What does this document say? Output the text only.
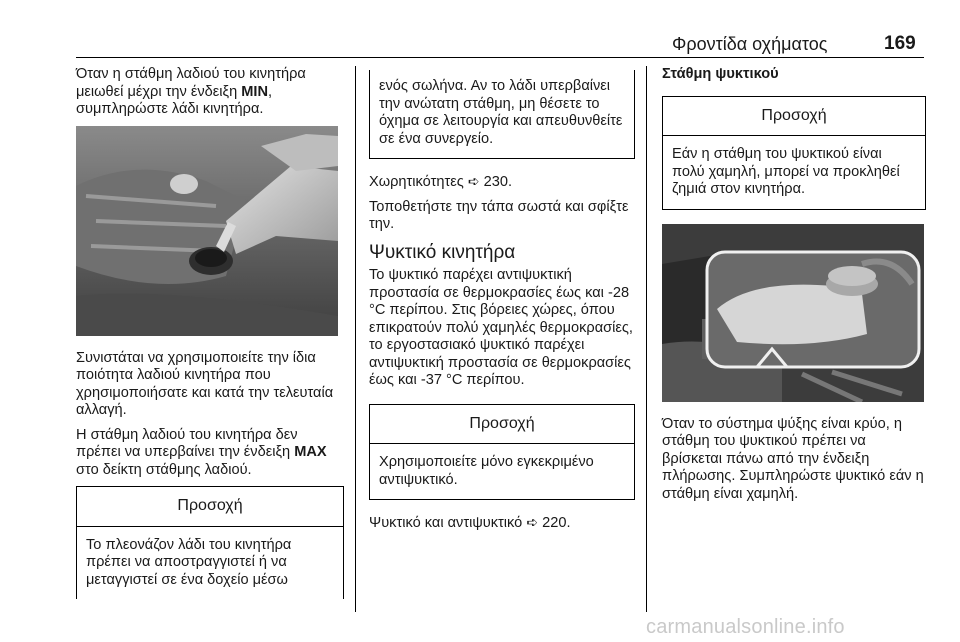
Φροντίδα οχήματος	169

Όταν η στάθμη λαδιού του κινητήρα μειωθεί μέχρι την ένδειξη MIN, συμπληρώστε λάδι κινητήρα.

Συνιστάται να χρησιμοποιείτε την ίδια ποιότητα λαδιού κινητήρα που χρησιμοποιήσατε και κατά την τελευταία αλλαγή.

Η στάθμη λαδιού του κινητήρα δεν πρέπει να υπερβαίνει την ένδειξη MAX στο δείκτη στάθμης λαδιού.

Προσοχή
Το πλεονάζον λάδι του κινητήρα πρέπει να αποστραγγιστεί ή να μεταγγιστεί σε ένα δοχείο μέσω
ενός σωλήνα. Αν το λάδι υπερβαίνει την ανώτατη στάθμη, μη θέσετε το όχημα σε λειτουργία και απευθυνθείτε σε ένα συνεργείο.

Χωρητικότητες ➪ 230.

Τοποθετήστε την τάπα σωστά και σφίξτε την.

Ψυκτικό κινητήρα

Το ψυκτικό παρέχει αντιψυκτική προστασία σε θερμοκρασίες έως και -28 °C περίπου. Στις βόρειες χώρες, όπου επικρατούν πολύ χαμηλές θερμοκρασίες, το εργοστασιακό ψυκτικό παρέχει αντιψυκτική προστασία σε θερμοκρασίες έως και -37 °C περίπου.

Προσοχή
Χρησιμοποιείτε μόνο εγκεκριμένο αντιψυκτικό.

Ψυκτικό και αντιψυκτικό ➪ 220.

Στάθμη ψυκτικού
Προσοχή
Εάν η στάθμη του ψυκτικού είναι πολύ χαμηλή, μπορεί να προκληθεί ζημιά στον κινητήρα.

Όταν το σύστημα ψύξης είναι κρύο, η στάθμη του ψυκτικού πρέπει να βρίσκεται πάνω από την ένδειξη πλήρωσης. Συμπληρώστε ψυκτικό εάν η στάθμη είναι χαμηλή.

carmanualsonline.info
